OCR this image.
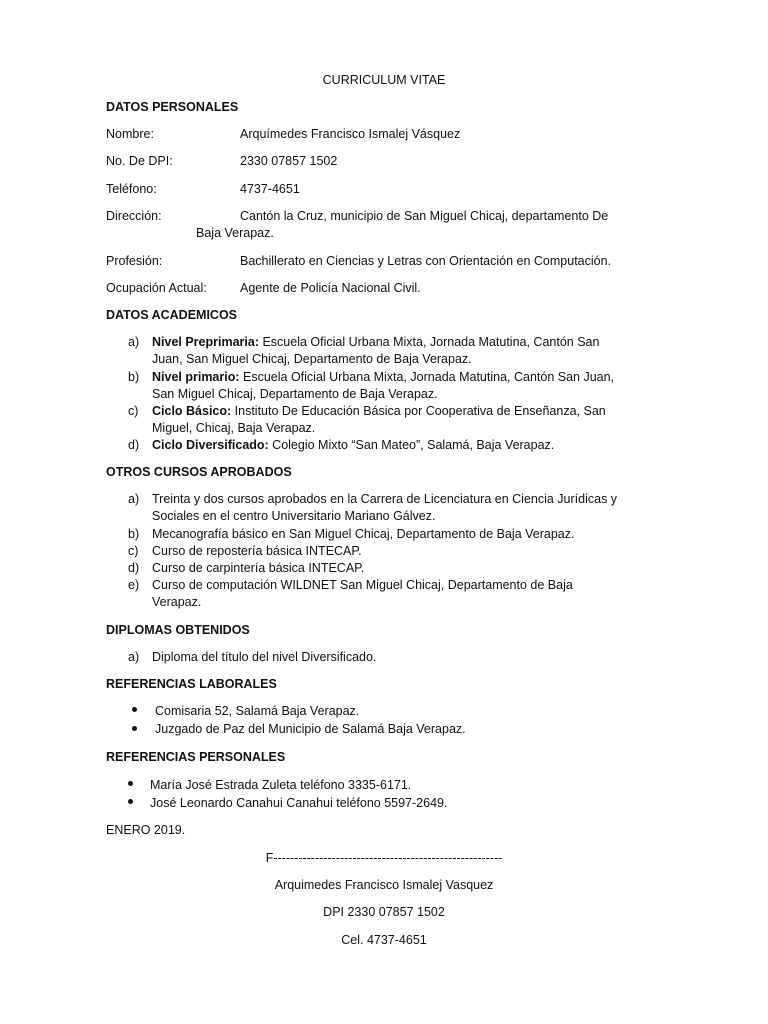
CURRICULUM VITAE
DATOS PERSONALES
Nombre:	Arquímedes Francisco Ismalej Vásquez
No. De DPI:	2330 07857 1502
Teléfono:	4737-4651
Dirección:	Cantón la Cruz, municipio de San Miguel Chicaj, departamento De
Baja Verapaz.
Profesión:	Bachillerato en Ciencias y Letras con Orientación en Computación.
Ocupación Actual:	Agente de Policía Nacional Civil.
DATOS ACADEMICOS
a) Nivel Preprimaria: Escuela Oficial Urbana Mixta, Jornada Matutina, Cantón San
Juan, San Miguel Chicaj, Departamento de Baja Verapaz.
b) Nivel primario: Escuela Oficial Urbana Mixta, Jornada Matutina, Cantón San Juan,
San Miguel Chicaj, Departamento de Baja Verapaz.
c) Ciclo Básico: Instituto De Educación Básica por Cooperativa de Enseñanza, San
Miguel, Chicaj, Baja Verapaz.
d) Ciclo Diversificado: Colegio Mixto “San Mateo”, Salamá, Baja Verapaz.
OTROS CURSOS APROBADOS
a) Treinta y dos cursos aprobados en la Carrera de Licenciatura en Ciencia Jurídicas y
Sociales en el centro Universitario Mariano Gálvez.
b) Mecanografía básico en San Miguel Chicaj, Departamento de Baja Verapaz.
c) Curso de repostería básica INTECAP.
d) Curso de carpintería básica INTECAP.
e) Curso de computación WILDNET San Miguel Chicaj, Departamento de Baja
Verapaz.
DIPLOMAS OBTENIDOS
a) Diploma del título del nivel Diversificado.
REFERENCIAS LABORALES
Comisaria 52, Salamá Baja Verapaz.
Juzgado de Paz del Municipio de Salamá Baja Verapaz.
REFERENCIAS PERSONALES
María José Estrada Zuleta teléfono 3335-6171.
José Leonardo Canahui Canahui teléfono 5597-2649.
ENERO 2019.
F-------------------------------------------------------
Arquimedes Francisco Ismalej Vasquez
DPI 2330 07857 1502
Cel. 4737-4651
